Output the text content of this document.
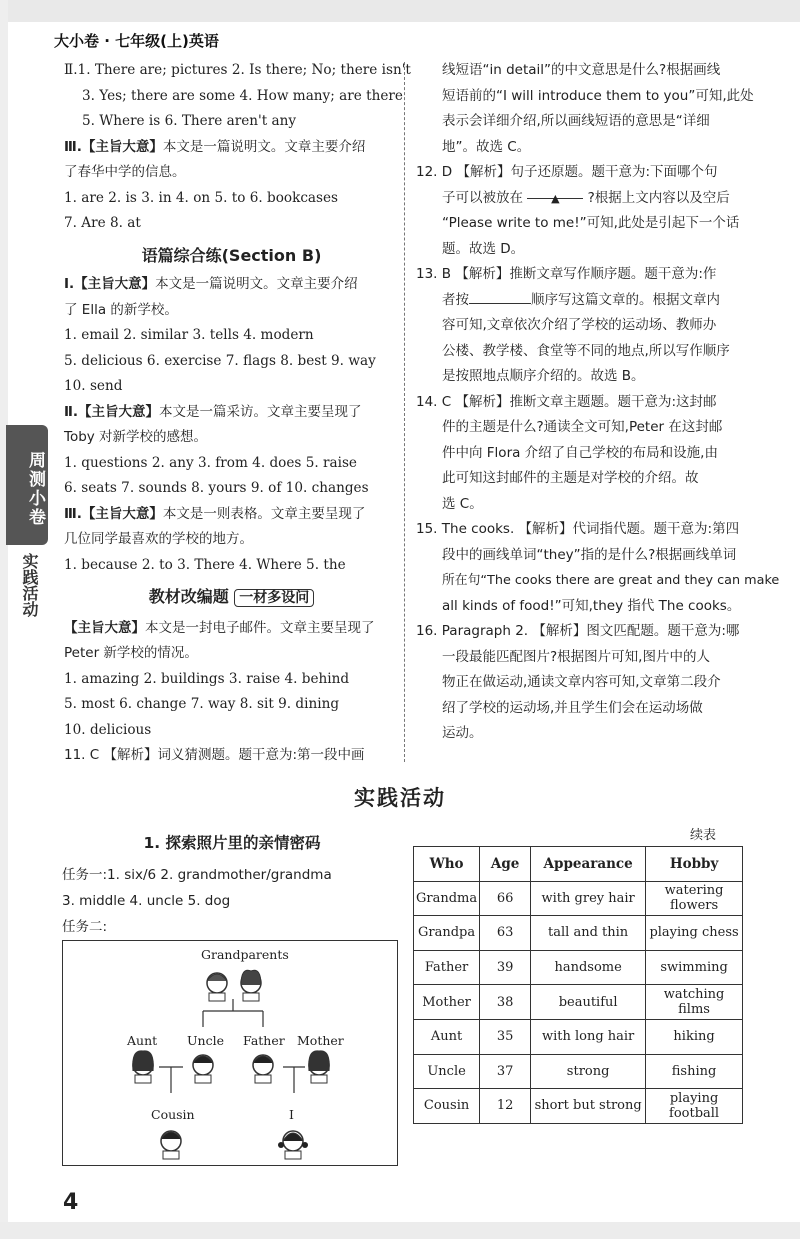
大小卷 · 七年级(上)英语
周测小卷
实践活动
Ⅱ.1. There are; pictures 2. Is there; No; there isn't
3. Yes; there are some 4. How many; are there
5. Where is 6. There aren't any
Ⅲ.【主旨大意】本文是一篇说明文。文章主要介绍
了春华中学的信息。
1. are 2. is 3. in 4. on 5. to 6. bookcases
7. Are 8. at
语篇综合练(Section B)
Ⅰ.【主旨大意】本文是一篇说明文。文章主要介绍
了 Ella 的新学校。
1. email 2. similar 3. tells 4. modern
5. delicious 6. exercise 7. flags 8. best 9. way
10. send
Ⅱ.【主旨大意】本文是一篇采访。文章主要呈现了
Toby 对新学校的感想。
1. questions 2. any 3. from 4. does 5. raise
6. seats 7. sounds 8. yours 9. of 10. changes
Ⅲ.【主旨大意】本文是一则表格。文章主要呈现了
几位同学最喜欢的学校的地方。
1. because 2. to 3. There 4. Where 5. the
教材改编题 一材多设问
【主旨大意】本文是一封电子邮件。文章主要呈现了
Peter 新学校的情况。
1. amazing 2. buildings 3. raise 4. behind
5. most 6. change 7. way 8. sit 9. dining
10. delicious
11. C 【解析】词义猜测题。题干意为:第一段中画
线短语“in detail”的中文意思是什么?根据画线
短语前的“I will introduce them to you”可知,此处
表示会详细介绍,所以画线短语的意思是“详细
地”。故选 C。
12. D 【解析】句子还原题。题干意为:下面哪个句
子可以被放在	▲ ?根据上文内容以及空后
“Please write to me!”可知,此处是引起下一个话
题。故选 D。
13. B 【解析】推断文章写作顺序题。题干意为:作
者按	顺序写这篇文章的。根据文章内
容可知,文章依次介绍了学校的运动场、教师办
公楼、教学楼、食堂等不同的地点,所以写作顺序
是按照地点顺序介绍的。故选 B。
14. C 【解析】推断文章主题题。题干意为:这封邮
件的主题是什么?通读全文可知,Peter 在这封邮
件中向 Flora 介绍了自己学校的布局和设施,由
此可知这封邮件的主题是对学校的介绍。故
选 C。
15. The cooks. 【解析】代词指代题。题干意为:第四
段中的画线单词“they”指的是什么?根据画线单词
所在句“The cooks there are great and they can make
all kinds of food!”可知,they 指代 The cooks。
16. Paragraph 2. 【解析】图文匹配题。题干意为:哪
一段最能匹配图片?根据图片可知,图片中的人
物正在做运动,通读文章内容可知,文章第二段介
绍了学校的运动场,并且学生们会在运动场做
运动。
实践活动
1. 探索照片里的亲情密码
任务一:1. six/6 2. grandmother/grandma
3. middle 4. uncle 5. dog
任务二:
Grandparents
Aunt Uncle Father Mother
Cousin	I
续表
Who	Age	Appearance	Hobby
Grandma	66	with grey hair	watering flowers
Grandpa	63	tall and thin	playing chess
Father	39	handsome	swimming
Mother	38	beautiful	watching films
Aunt	35	with long hair	hiking
Uncle	37	strong	fishing
Cousin	12	short but strong	playing football
4
